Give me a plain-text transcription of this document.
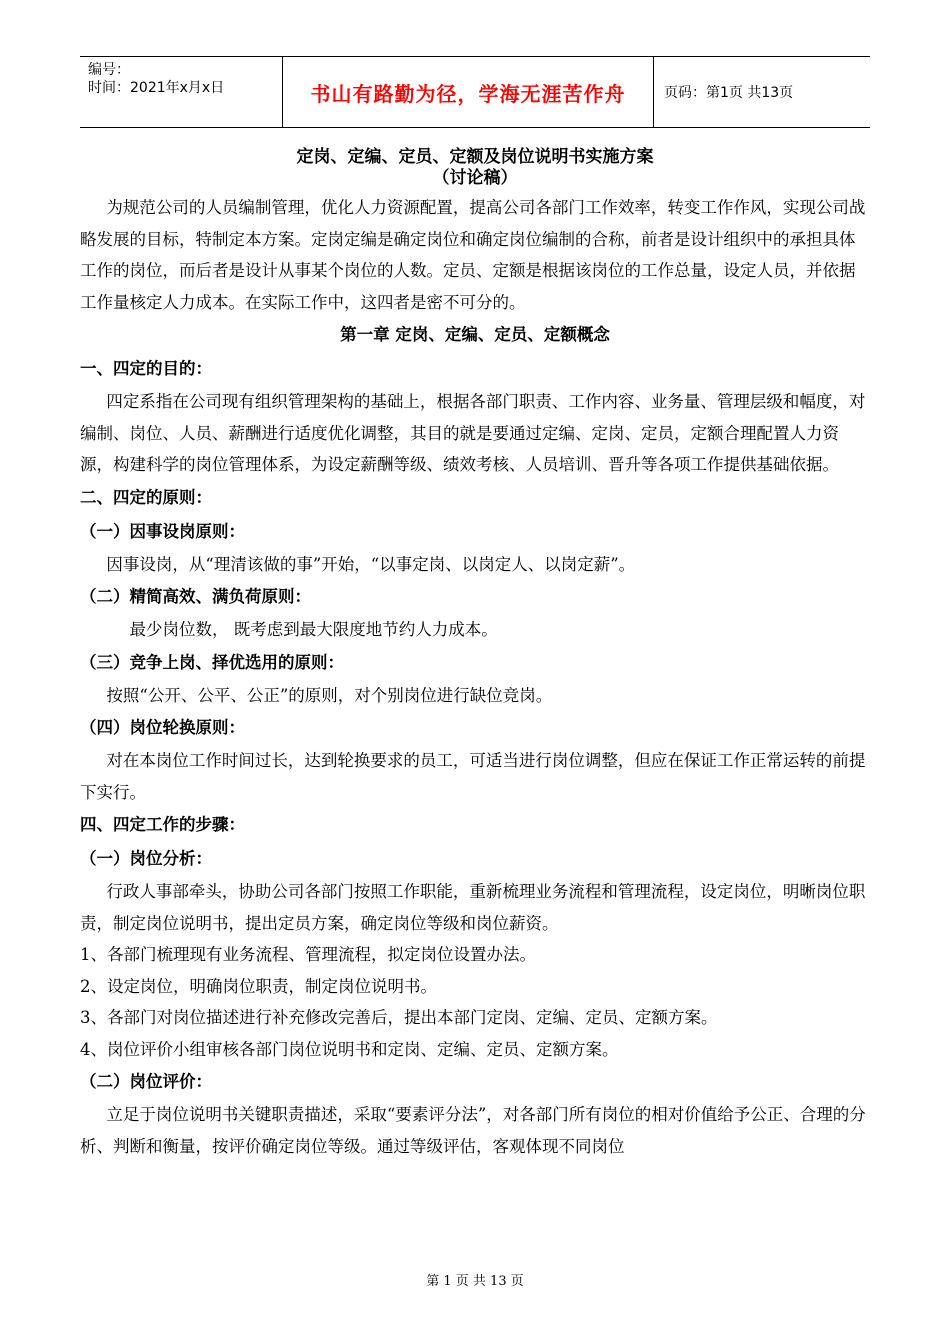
编号：
时间：2021年x月x日	书山有路勤为径，学海无涯苦作舟	页码：第1页 共13页
定岗、定编、定员、定额及岗位说明书实施方案
（讨论稿）

为规范公司的人员编制管理，优化人力资源配置，提高公司各部门工作效率，转变工作作风，实现公司战略发展的目标，特制定本方案。定岗定编是确定岗位和确定岗位编制的合称，前者是设计组织中的承担具体工作的岗位，而后者是设计从事某个岗位的人数。定员、定额是根据该岗位的工作总量，设定人员，并依据工作量核定人力成本。在实际工作中，这四者是密不可分的。

第一章 定岗、定编、定员、定额概念
一、四定的目的：

四定系指在公司现有组织管理架构的基础上，根据各部门职责、工作内容、业务量、管理层级和幅度，对编制、岗位、人员、薪酬进行适度优化调整，其目的就是要通过定编、定岗、定员，定额合理配置人力资源，构建科学的岗位管理体系，为设定薪酬等级、绩效考核、人员培训、晋升等各项工作提供基础依据。

二、四定的原则：
（一）因事设岗原则：

因事设岗，从“理清该做的事”开始，“以事定岗、以岗定人、以岗定薪”。

（二）精简高效、满负荷原则：

最少岗位数， 既考虑到最大限度地节约人力成本。

（三）竞争上岗、择优选用的原则：

按照“公开、公平、公正”的原则，对个别岗位进行缺位竞岗。

（四）岗位轮换原则：

对在本岗位工作时间过长，达到轮换要求的员工，可适当进行岗位调整，但应在保证工作正常运转的前提下实行。

四、四定工作的步骤：
（一）岗位分析：

行政人事部牵头，协助公司各部门按照工作职能，重新梳理业务流程和管理流程，设定岗位，明晰岗位职责，制定岗位说明书，提出定员方案，确定岗位等级和岗位薪资。

1、各部门梳理现有业务流程、管理流程，拟定岗位设置办法。

2、设定岗位，明确岗位职责，制定岗位说明书。

3、各部门对岗位描述进行补充修改完善后，提出本部门定岗、定编、定员、定额方案。

4、岗位评价小组审核各部门岗位说明书和定岗、定编、定员、定额方案。

（二）岗位评价：

立足于岗位说明书关键职责描述，采取“要素评分法”，对各部门所有岗位的相对价值给予公正、合理的分析、判断和衡量，按评价确定岗位等级。通过等级评估，客观体现不同岗位

第 1 页 共 13 页
